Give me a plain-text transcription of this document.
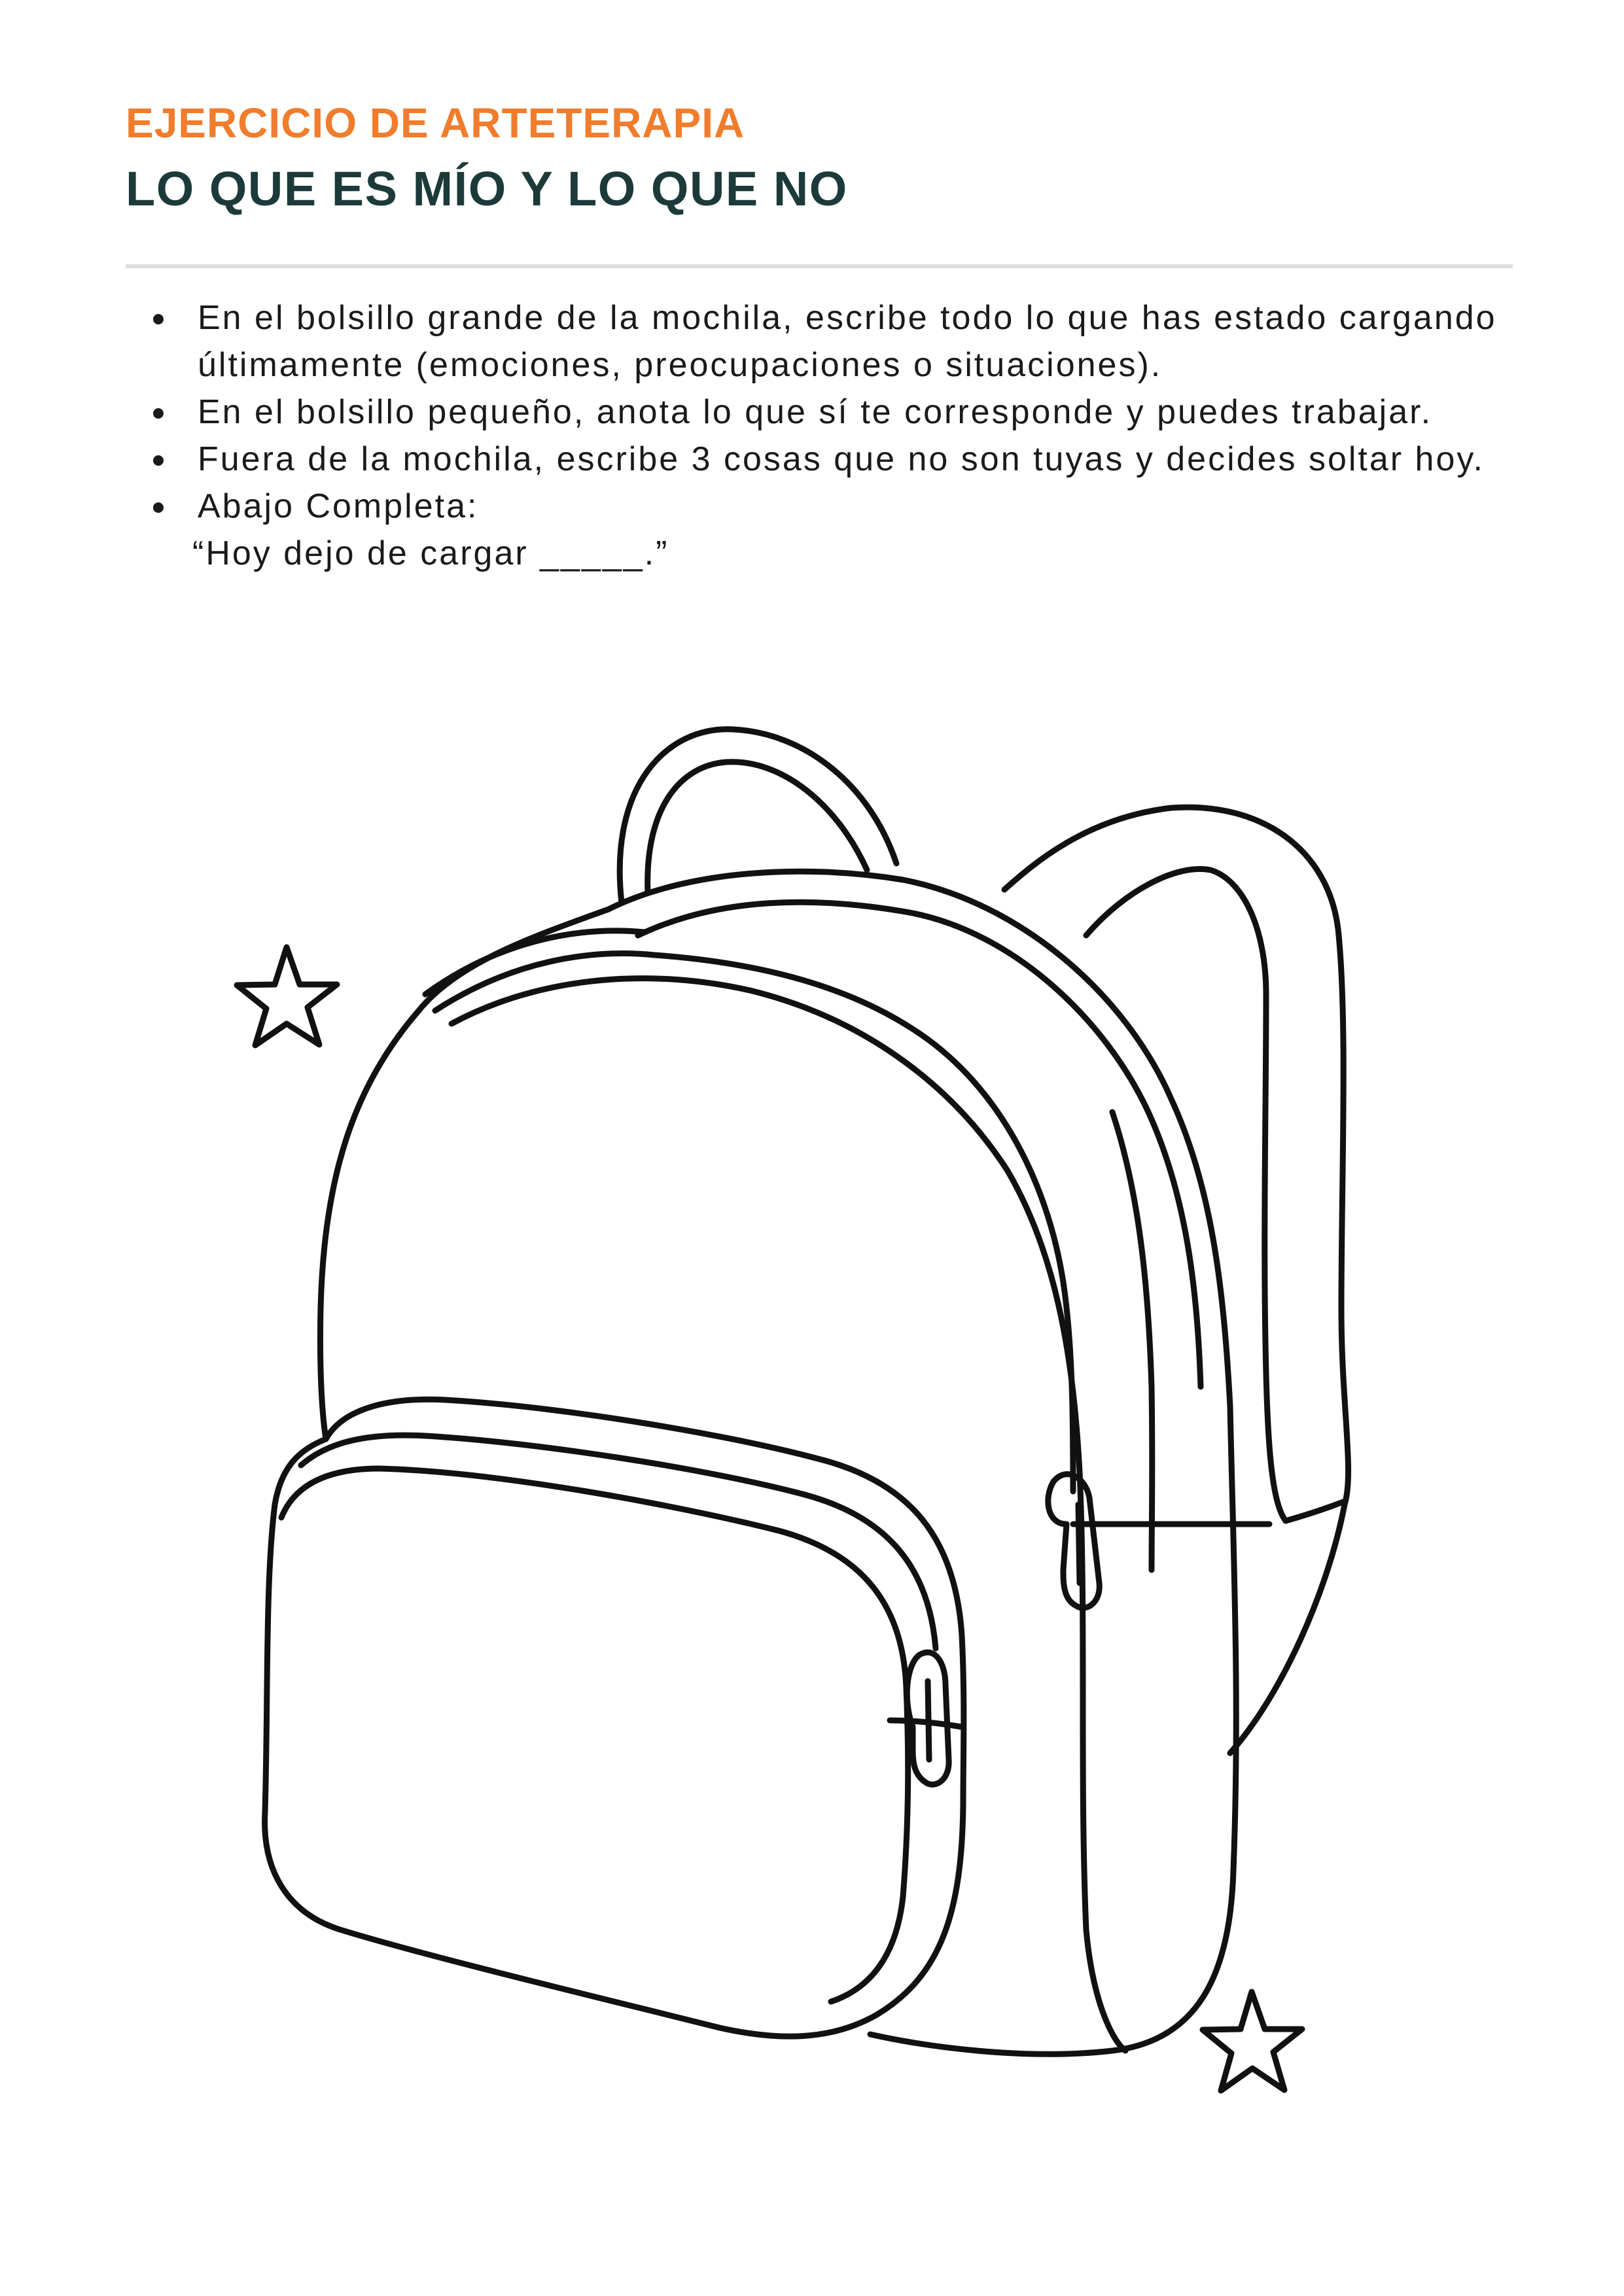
EJERCICIO DE ARTETERAPIA
LO QUE ES MÍO Y LO QUE NO
En el bolsillo grande de la mochila, escribe todo lo que has estado cargando últimamente (emociones, preocupaciones o situaciones).
En el bolsillo pequeño, anota lo que sí te corresponde y puedes trabajar.
Fuera de la mochila, escribe 3 cosas que no son tuyas y decides soltar hoy.
Abajo Completa:
“Hoy dejo de cargar _____.”
